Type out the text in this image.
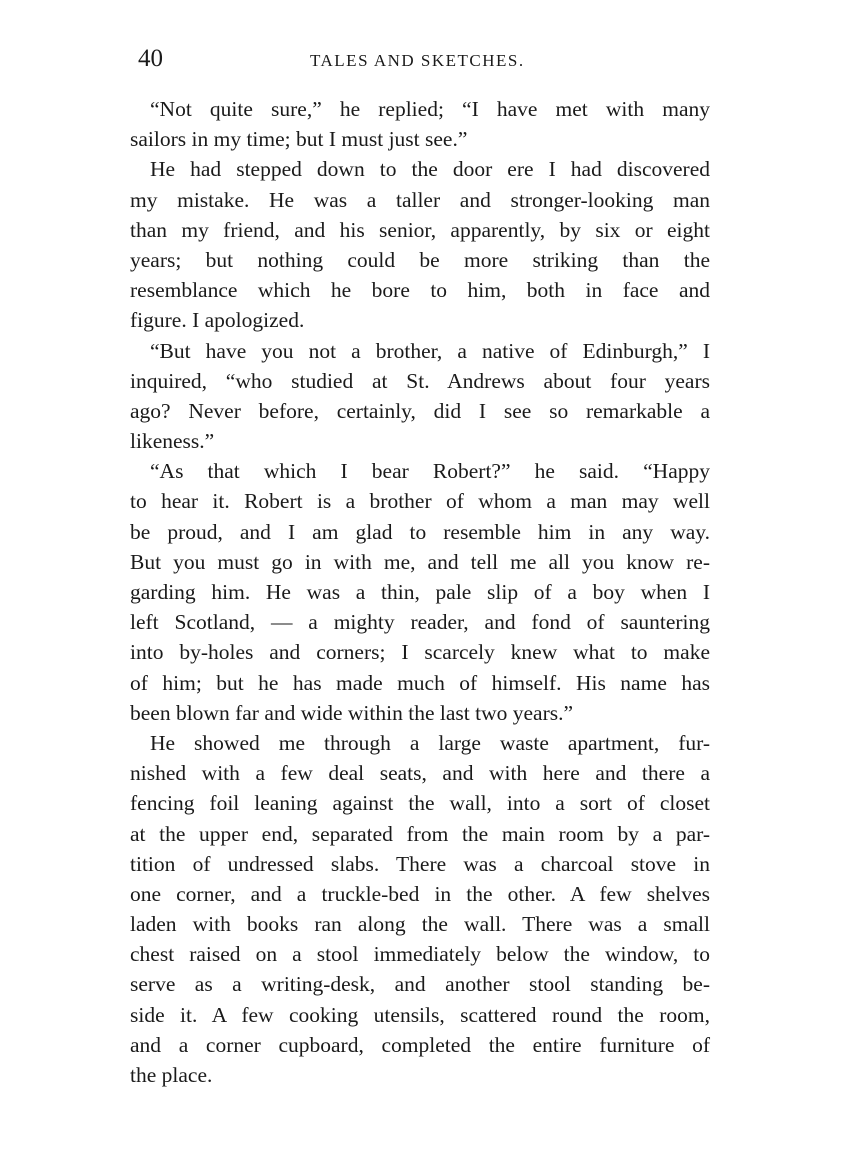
40	TALES AND SKETCHES.
“Not quite sure,” he replied; “I have met with many
sailors in my time; but I must just see.”
He had stepped down to the door ere I had discovered
my mistake. He was a taller and stronger-looking man
than my friend, and his senior, apparently, by six or eight
years; but nothing could be more striking than the
resemblance which he bore to him, both in face and
figure. I apologized.
“But have you not a brother, a native of Edinburgh,” I
inquired, “who studied at St. Andrews about four years
ago? Never before, certainly, did I see so remarkable a
likeness.”
“As that which I bear Robert?” he said. “Happy
to hear it. Robert is a brother of whom a man may well
be proud, and I am glad to resemble him in any way.
But you must go in with me, and tell me all you know re-
garding him. He was a thin, pale slip of a boy when I
left Scotland, — a mighty reader, and fond of sauntering
into by-holes and corners; I scarcely knew what to make
of him; but he has made much of himself. His name has
been blown far and wide within the last two years.”
He showed me through a large waste apartment, fur-
nished with a few deal seats, and with here and there a
fencing foil leaning against the wall, into a sort of closet
at the upper end, separated from the main room by a par-
tition of undressed slabs. There was a charcoal stove in
one corner, and a truckle-bed in the other. A few shelves
laden with books ran along the wall. There was a small
chest raised on a stool immediately below the window, to
serve as a writing-desk, and another stool standing be-
side it. A few cooking utensils, scattered round the room,
and a corner cupboard, completed the entire furniture of
the place.
